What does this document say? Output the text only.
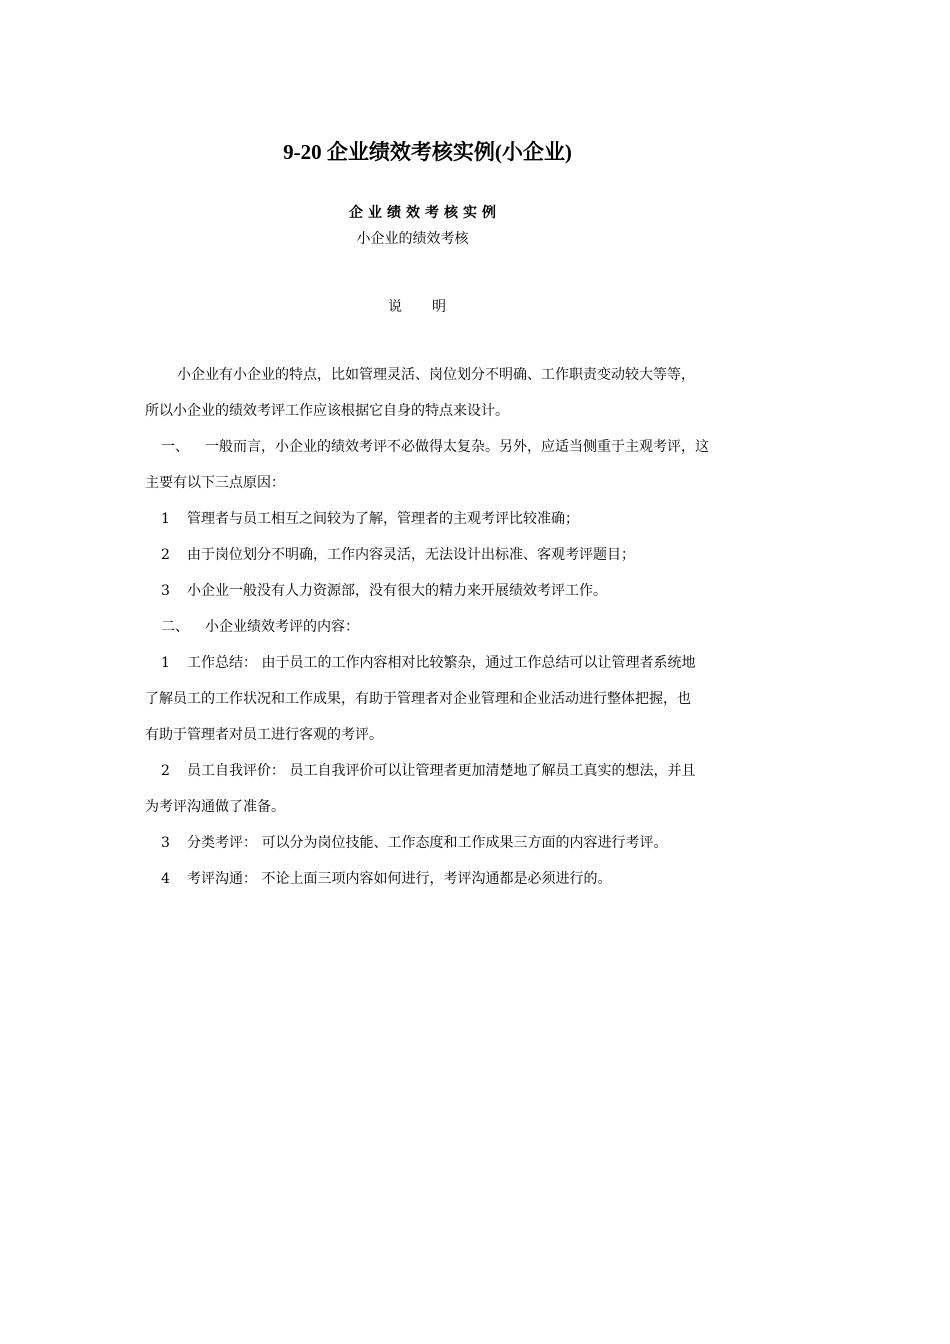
9-20 企业绩效考核实例(小企业)
企业绩效考核实例
小企业的绩效考核
说 明
小企业有小企业的特点，比如管理灵活、岗位划分不明确、工作职责变动较大等等，
所以小企业的绩效考评工作应该根据它自身的特点来设计。
一、 一般而言，小企业的绩效考评不必做得太复杂。另外，应适当侧重于主观考评，这
主要有以下三点原因：
1 管理者与员工相互之间较为了解，管理者的主观考评比较准确；
2 由于岗位划分不明确，工作内容灵活，无法设计出标准、客观考评题目；
3 小企业一般没有人力资源部，没有很大的精力来开展绩效考评工作。
二、 小企业绩效考评的内容：
1 工作总结： 由于员工的工作内容相对比较繁杂，通过工作总结可以让管理者系统地
了解员工的工作状况和工作成果，有助于管理者对企业管理和企业活动进行整体把握，也
有助于管理者对员工进行客观的考评。
2 员工自我评价： 员工自我评价可以让管理者更加清楚地了解员工真实的想法，并且
为考评沟通做了准备。
3 分类考评： 可以分为岗位技能、工作态度和工作成果三方面的内容进行考评。
4 考评沟通： 不论上面三项内容如何进行，考评沟通都是必须进行的。
